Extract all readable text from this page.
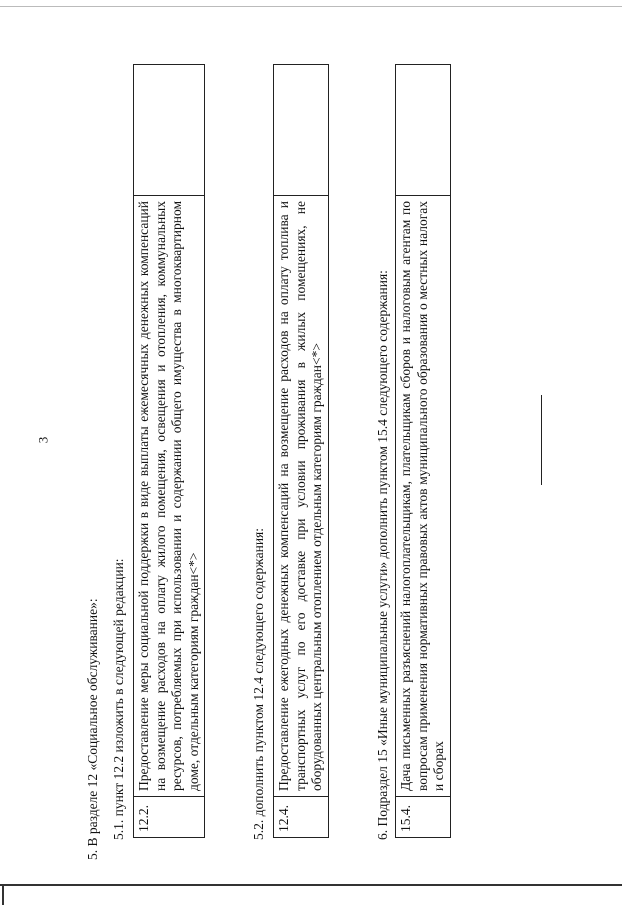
3
5. В разделе 12 «Социальное обслуживание»: 5.1. пункт 12.2 изложить в следующей редакции: 12.2.	Предоставление меры социальной поддержки в виде выплаты ежемесячных денежных компенсаций на возмещение расходов на оплату жилого помещения, освещения и отопления, коммунальных ресурсов, потребляемых при использовании и содержании общего имущества в многоквартирном доме, отдельным категориям граждан<*>		5.2. дополнить пунктом 12.4 следующего содержания: 12.4.	Предоставление ежегодных денежных компенсаций на возмещение расходов на оплату топлива и транспортных услуг по его доставке при условии проживания в жилых помещениях, не оборудованных центральным отоплением отдельным категориям граждан<*>		6. Подраздел 15 «Иные муниципальные услуги» дополнить пунктом 15.4 следующего содержания: 15.4.	Дача письменных разъяснений налогоплательщикам, плательщикам сборов и налоговым агентам по вопросам применения нормативных правовых актов муниципального образования о местных налогах и сборах	
